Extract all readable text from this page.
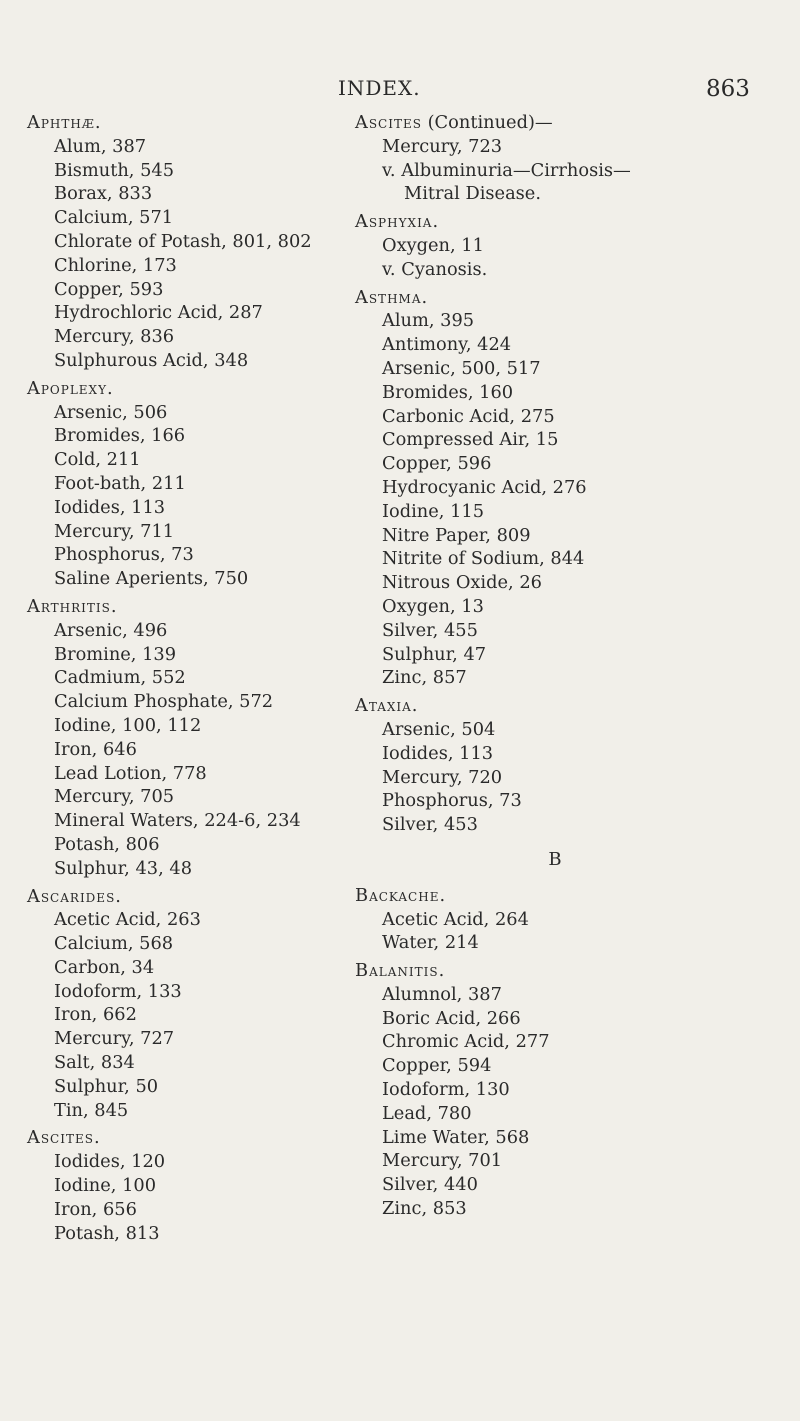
INDEX.	863
Aphthæ.
Alum, 387
Bismuth, 545
Borax, 833
Calcium, 571
Chlorate of Potash, 801, 802
Chlorine, 173
Copper, 593
Hydrochloric Acid, 287
Mercury, 836
Sulphurous Acid, 348
Apoplexy.
Arsenic, 506
Bromides, 166
Cold, 211
Foot-bath, 211
Iodides, 113
Mercury, 711
Phosphorus, 73
Saline Aperients, 750
Arthritis.
Arsenic, 496
Bromine, 139
Cadmium, 552
Calcium Phosphate, 572
Iodine, 100, 112
Iron, 646
Lead Lotion, 778
Mercury, 705
Mineral Waters, 224-6, 234
Potash, 806
Sulphur, 43, 48
Ascarides.
Acetic Acid, 263
Calcium, 568
Carbon, 34
Iodoform, 133
Iron, 662
Mercury, 727
Salt, 834
Sulphur, 50
Tin, 845
Ascites.
Iodides, 120
Iodine, 100
Iron, 656
Potash, 813
Ascites (Continued)—
Mercury, 723
v. Albuminuria—Cirrhosis—
Mitral Disease.
Asphyxia.
Oxygen, 11
v. Cyanosis.
Asthma.
Alum, 395
Antimony, 424
Arsenic, 500, 517
Bromides, 160
Carbonic Acid, 275
Compressed Air, 15
Copper, 596
Hydrocyanic Acid, 276
Iodine, 115
Nitre Paper, 809
Nitrite of Sodium, 844
Nitrous Oxide, 26
Oxygen, 13
Silver, 455
Sulphur, 47
Zinc, 857
Ataxia.
Arsenic, 504
Iodides, 113
Mercury, 720
Phosphorus, 73
Silver, 453
B
Backache.
Acetic Acid, 264
Water, 214
Balanitis.
Alumnol, 387
Boric Acid, 266
Chromic Acid, 277
Copper, 594
Iodoform, 130
Lead, 780
Lime Water, 568
Mercury, 701
Silver, 440
Zinc, 853
